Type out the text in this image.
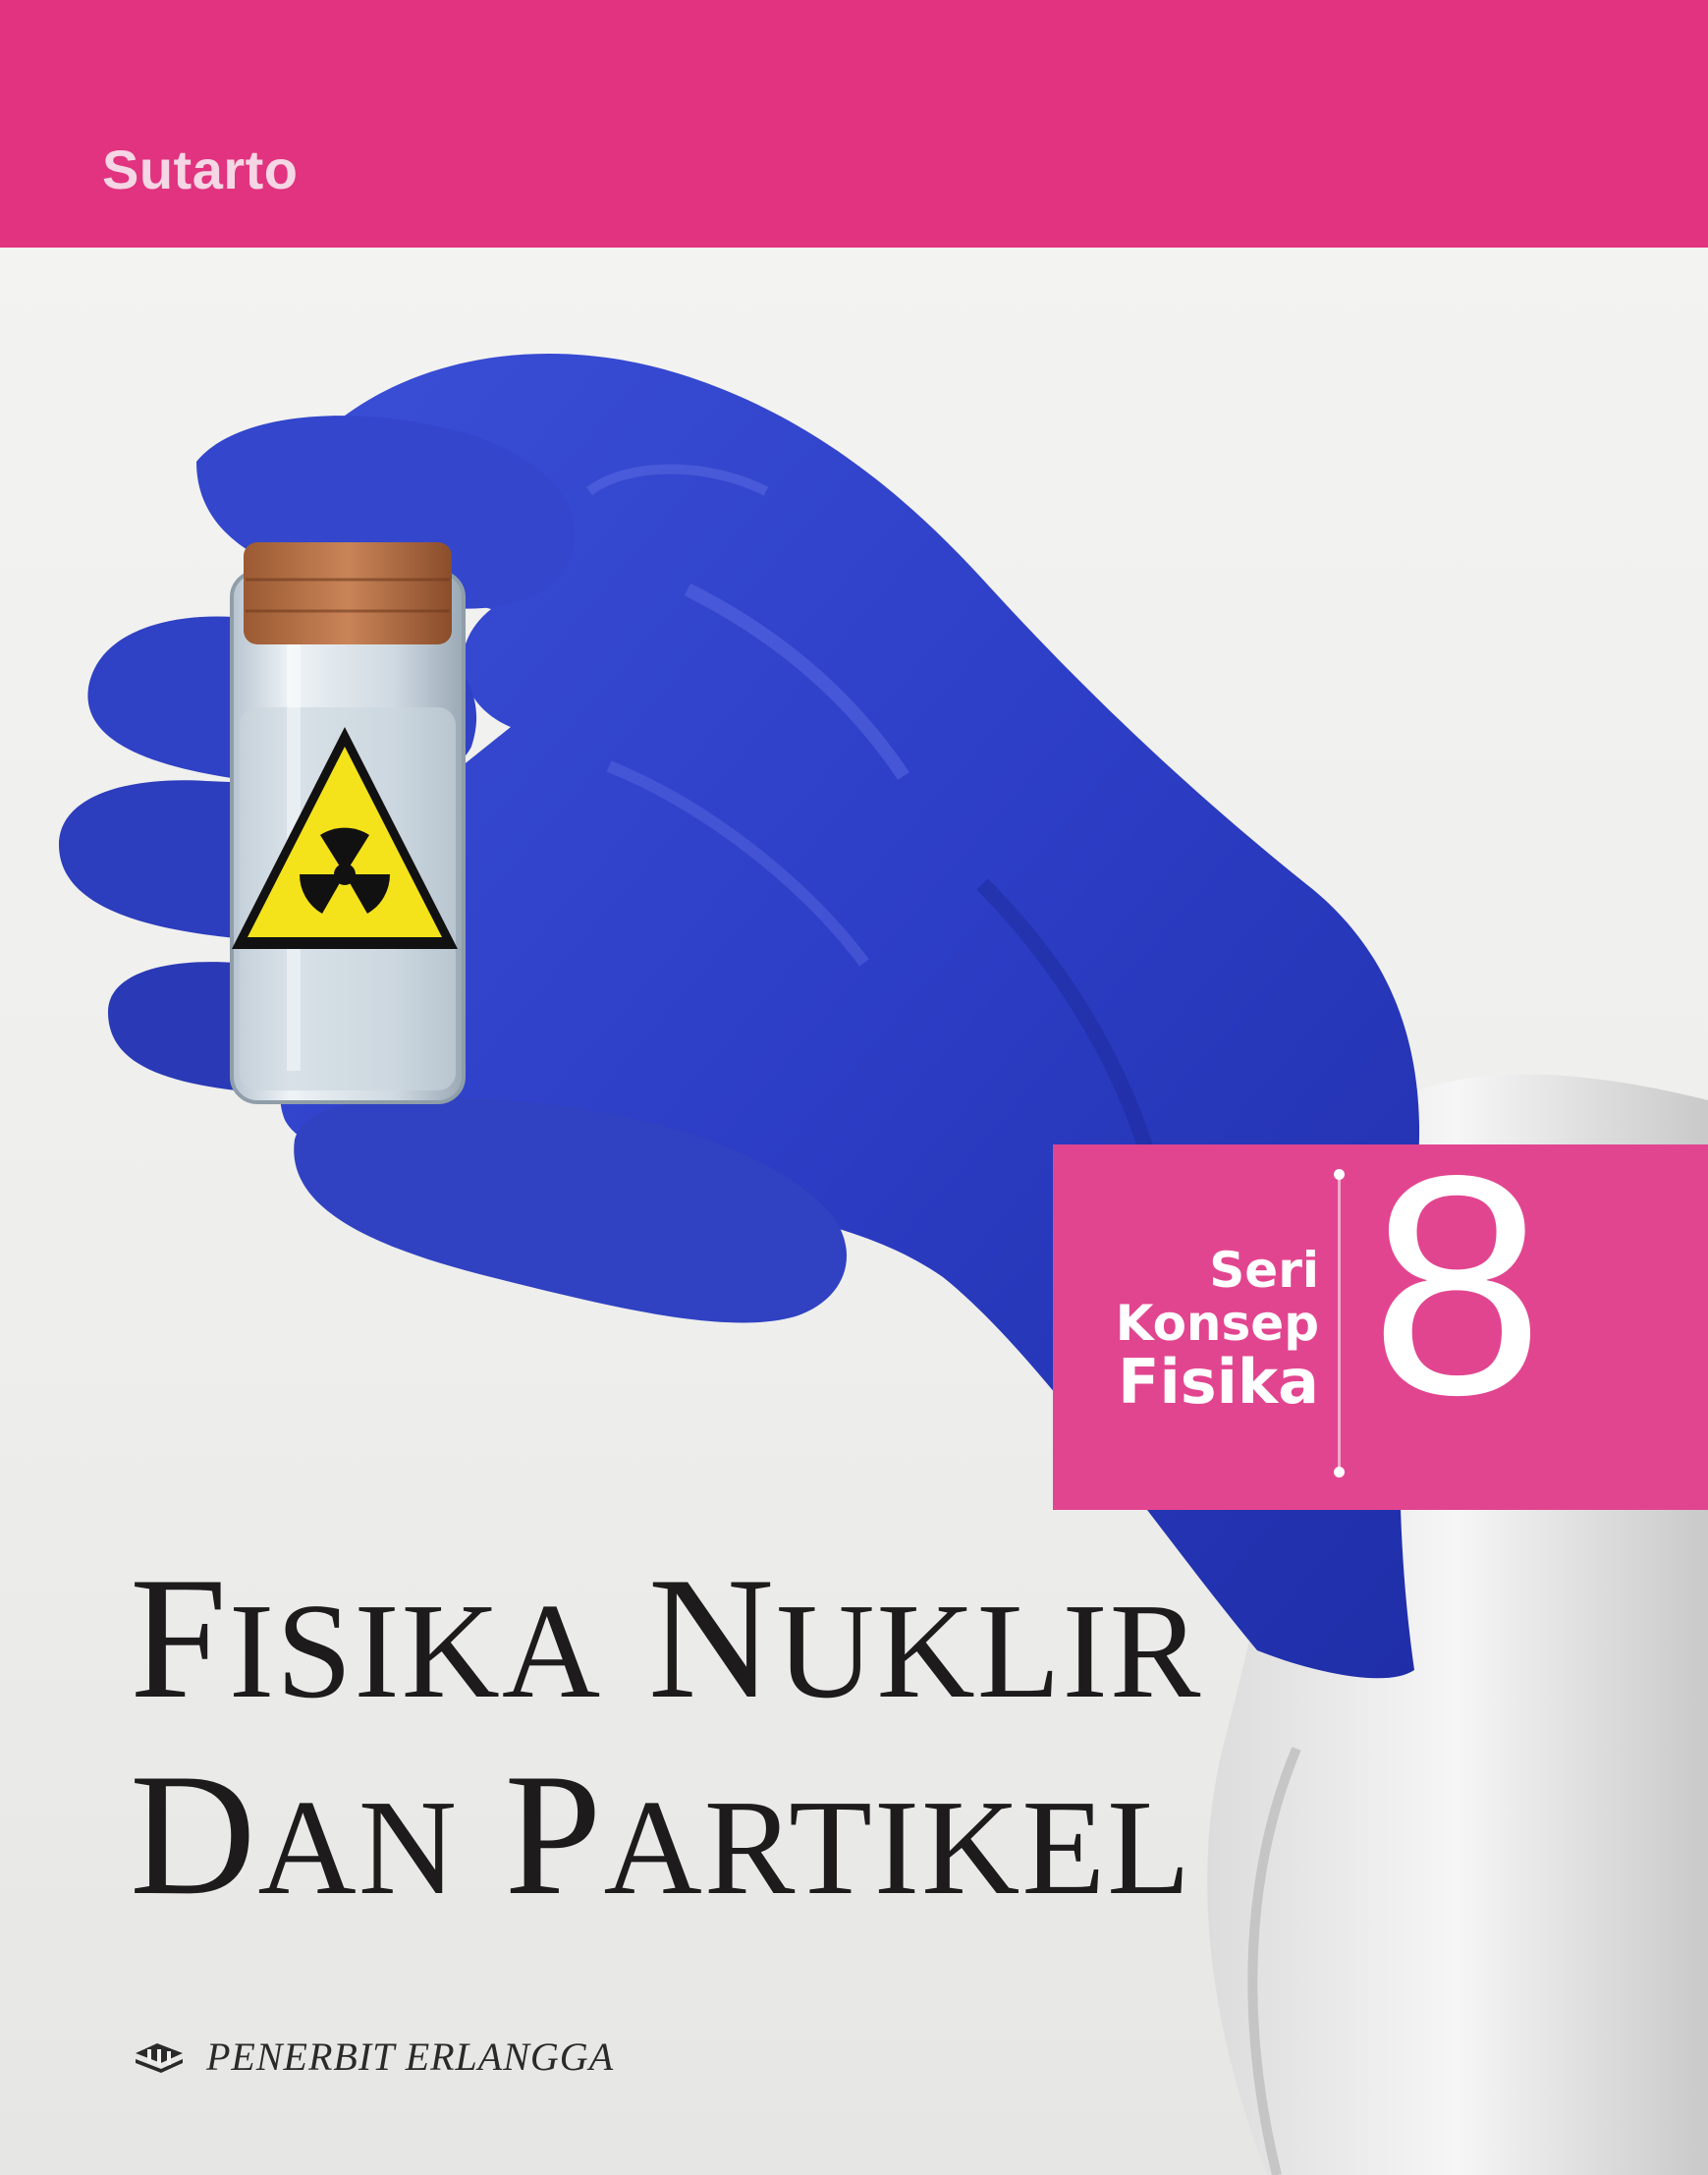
Sutarto
Seri
Konsep
Fisika 8
FISIKA NUKLIR
DAN PARTIKEL
PENERBIT ERLANGGA
